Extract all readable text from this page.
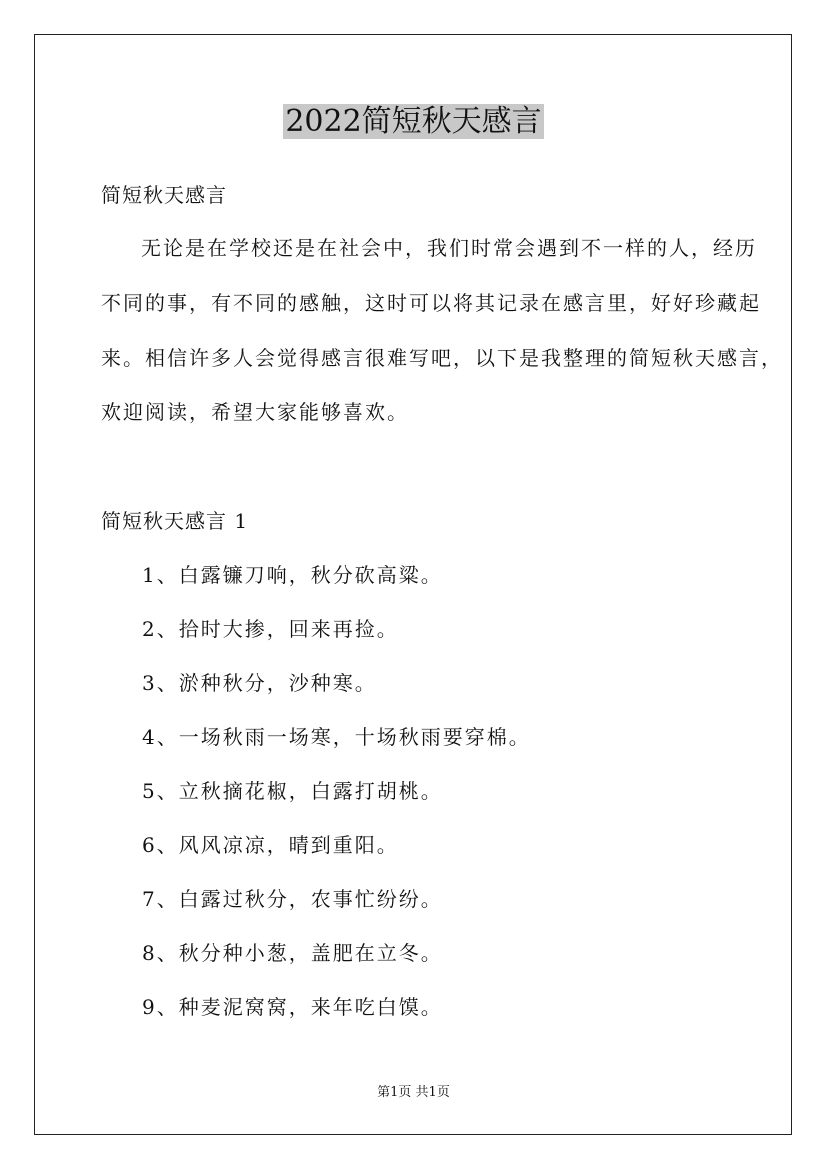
2022简短秋天感言
简短秋天感言
无论是在学校还是在社会中，我们时常会遇到不一样的人，经历
不同的事，有不同的感触，这时可以将其记录在感言里，好好珍藏起
来。相信许多人会觉得感言很难写吧，以下是我整理的简短秋天感言，
欢迎阅读，希望大家能够喜欢。
简短秋天感言 1
1、白露镰刀响，秋分砍高粱。
2、拾时大掺，回来再捡。
3、淤种秋分，沙种寒。
4、一场秋雨一场寒，十场秋雨要穿棉。
5、立秋摘花椒，白露打胡桃。
6、风风凉凉，晴到重阳。
7、白露过秋分，农事忙纷纷。
8、秋分种小葱，盖肥在立冬。
9、种麦泥窝窝，来年吃白馍。
第1页 共1页
